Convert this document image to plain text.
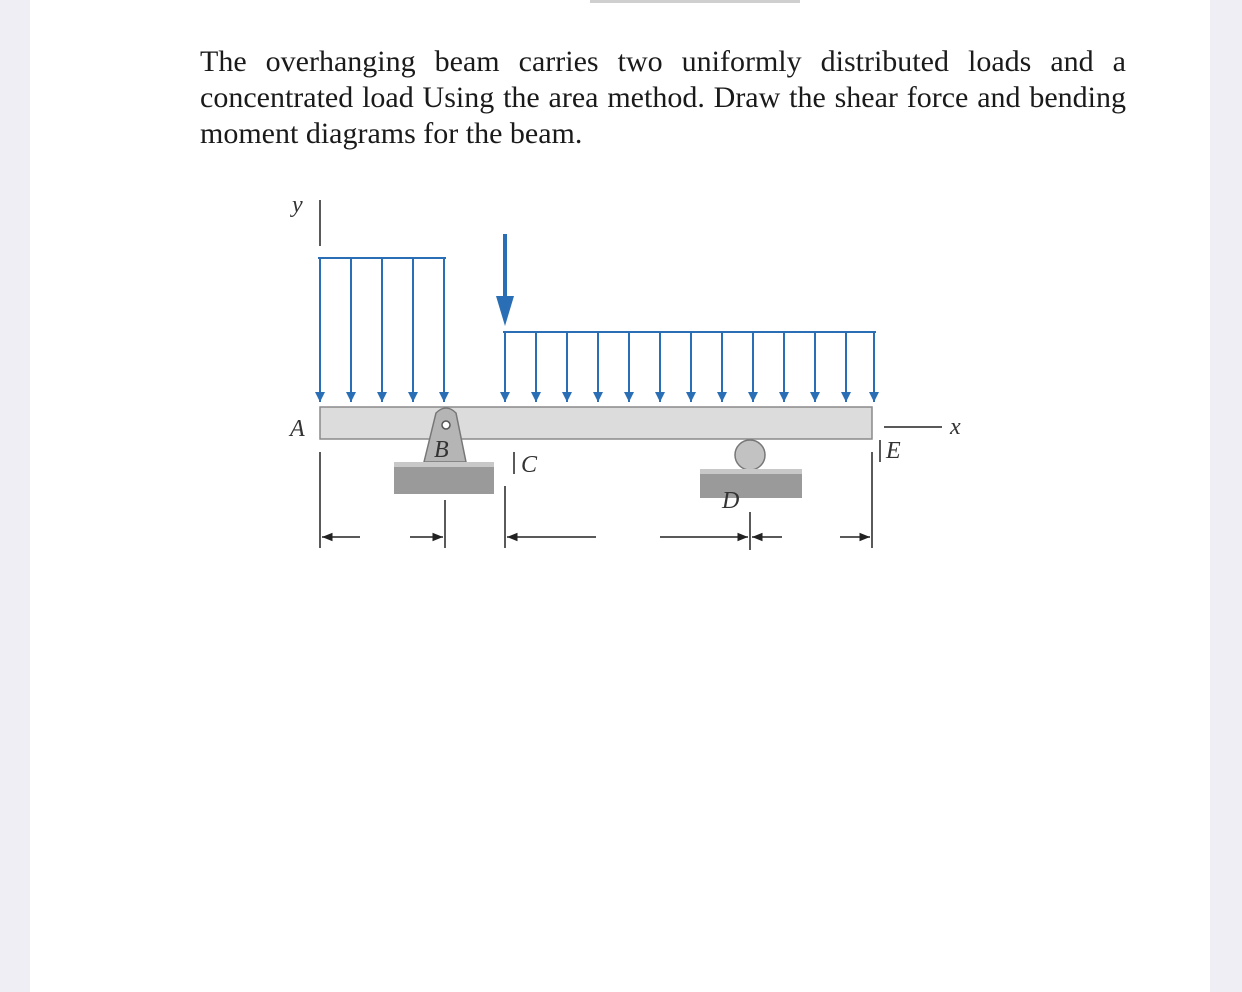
The overhanging beam carries two uniformly distributed loads and a concentrated load Using the area method. Draw the shear force and bending moment diagrams for the beam.

y
A
B
C
D
E
x
